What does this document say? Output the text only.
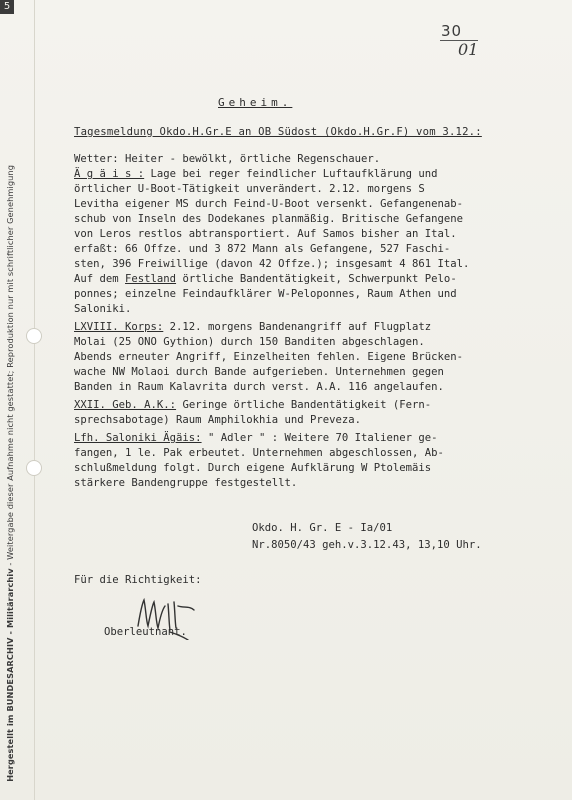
5
Hergestellt im BUNDESARCHIV - Militärarchiv - Weitergabe dieser Aufnahme nicht gestattet; Reproduktion nur mit schriftlicher Genehmigung
30
01
Geheim.
Tagesmeldung Okdo.H.Gr.E an OB Südost (Okdo.H.Gr.F) vom 3.12.:
Wetter: Heiter - bewölkt, örtliche Regenschauer.
Ä g ä i s : Lage bei reger feindlicher Luftaufklärung und
örtlicher U-Boot-Tätigkeit unverändert. 2.12. morgens S
Levitha eigener MS durch Feind-U-Boot versenkt. Gefangenenab-
schub von Inseln des Dodekanes planmäßig. Britische Gefangene
von Leros restlos abtransportiert. Auf Samos bisher an Ital.
erfaßt: 66 Offze. und 3 872 Mann als Gefangene, 527 Faschi-
sten, 396 Freiwillige (davon 42 Offze.); insgesamt 4 861 Ital.
Auf dem Festland örtliche Bandentätigkeit, Schwerpunkt Pelo-
ponnes; einzelne Feindaufklärer W-Peloponnes, Raum Athen und
Saloniki.
LXVIII. Korps: 2.12. morgens Bandenangriff auf Flugplatz
Molai (25 ONO Gythion) durch 150 Banditen abgeschlagen.
Abends erneuter Angriff, Einzelheiten fehlen. Eigene Brücken-
wache NW Molaoi durch Bande aufgerieben. Unternehmen gegen
Banden in Raum Kalavrita durch verst. A.A. 116 angelaufen.
XXII. Geb. A.K.: Geringe örtliche Bandentätigkeit (Fern-
sprechsabotage) Raum Amphilokhia und Preveza.
Lfh. Saloniki Ägäis: " Adler " : Weitere 70 Italiener ge-
fangen, 1 le. Pak erbeutet. Unternehmen abgeschlossen, Ab-
schlußmeldung folgt. Durch eigene Aufklärung W Ptolemäis
stärkere Bandengruppe festgestellt.
Okdo. H. Gr. E - Ia/01
Nr.8050/43 geh.v.3.12.43, 13,10 Uhr.
Für die Richtigkeit:
Oberleutnant.
